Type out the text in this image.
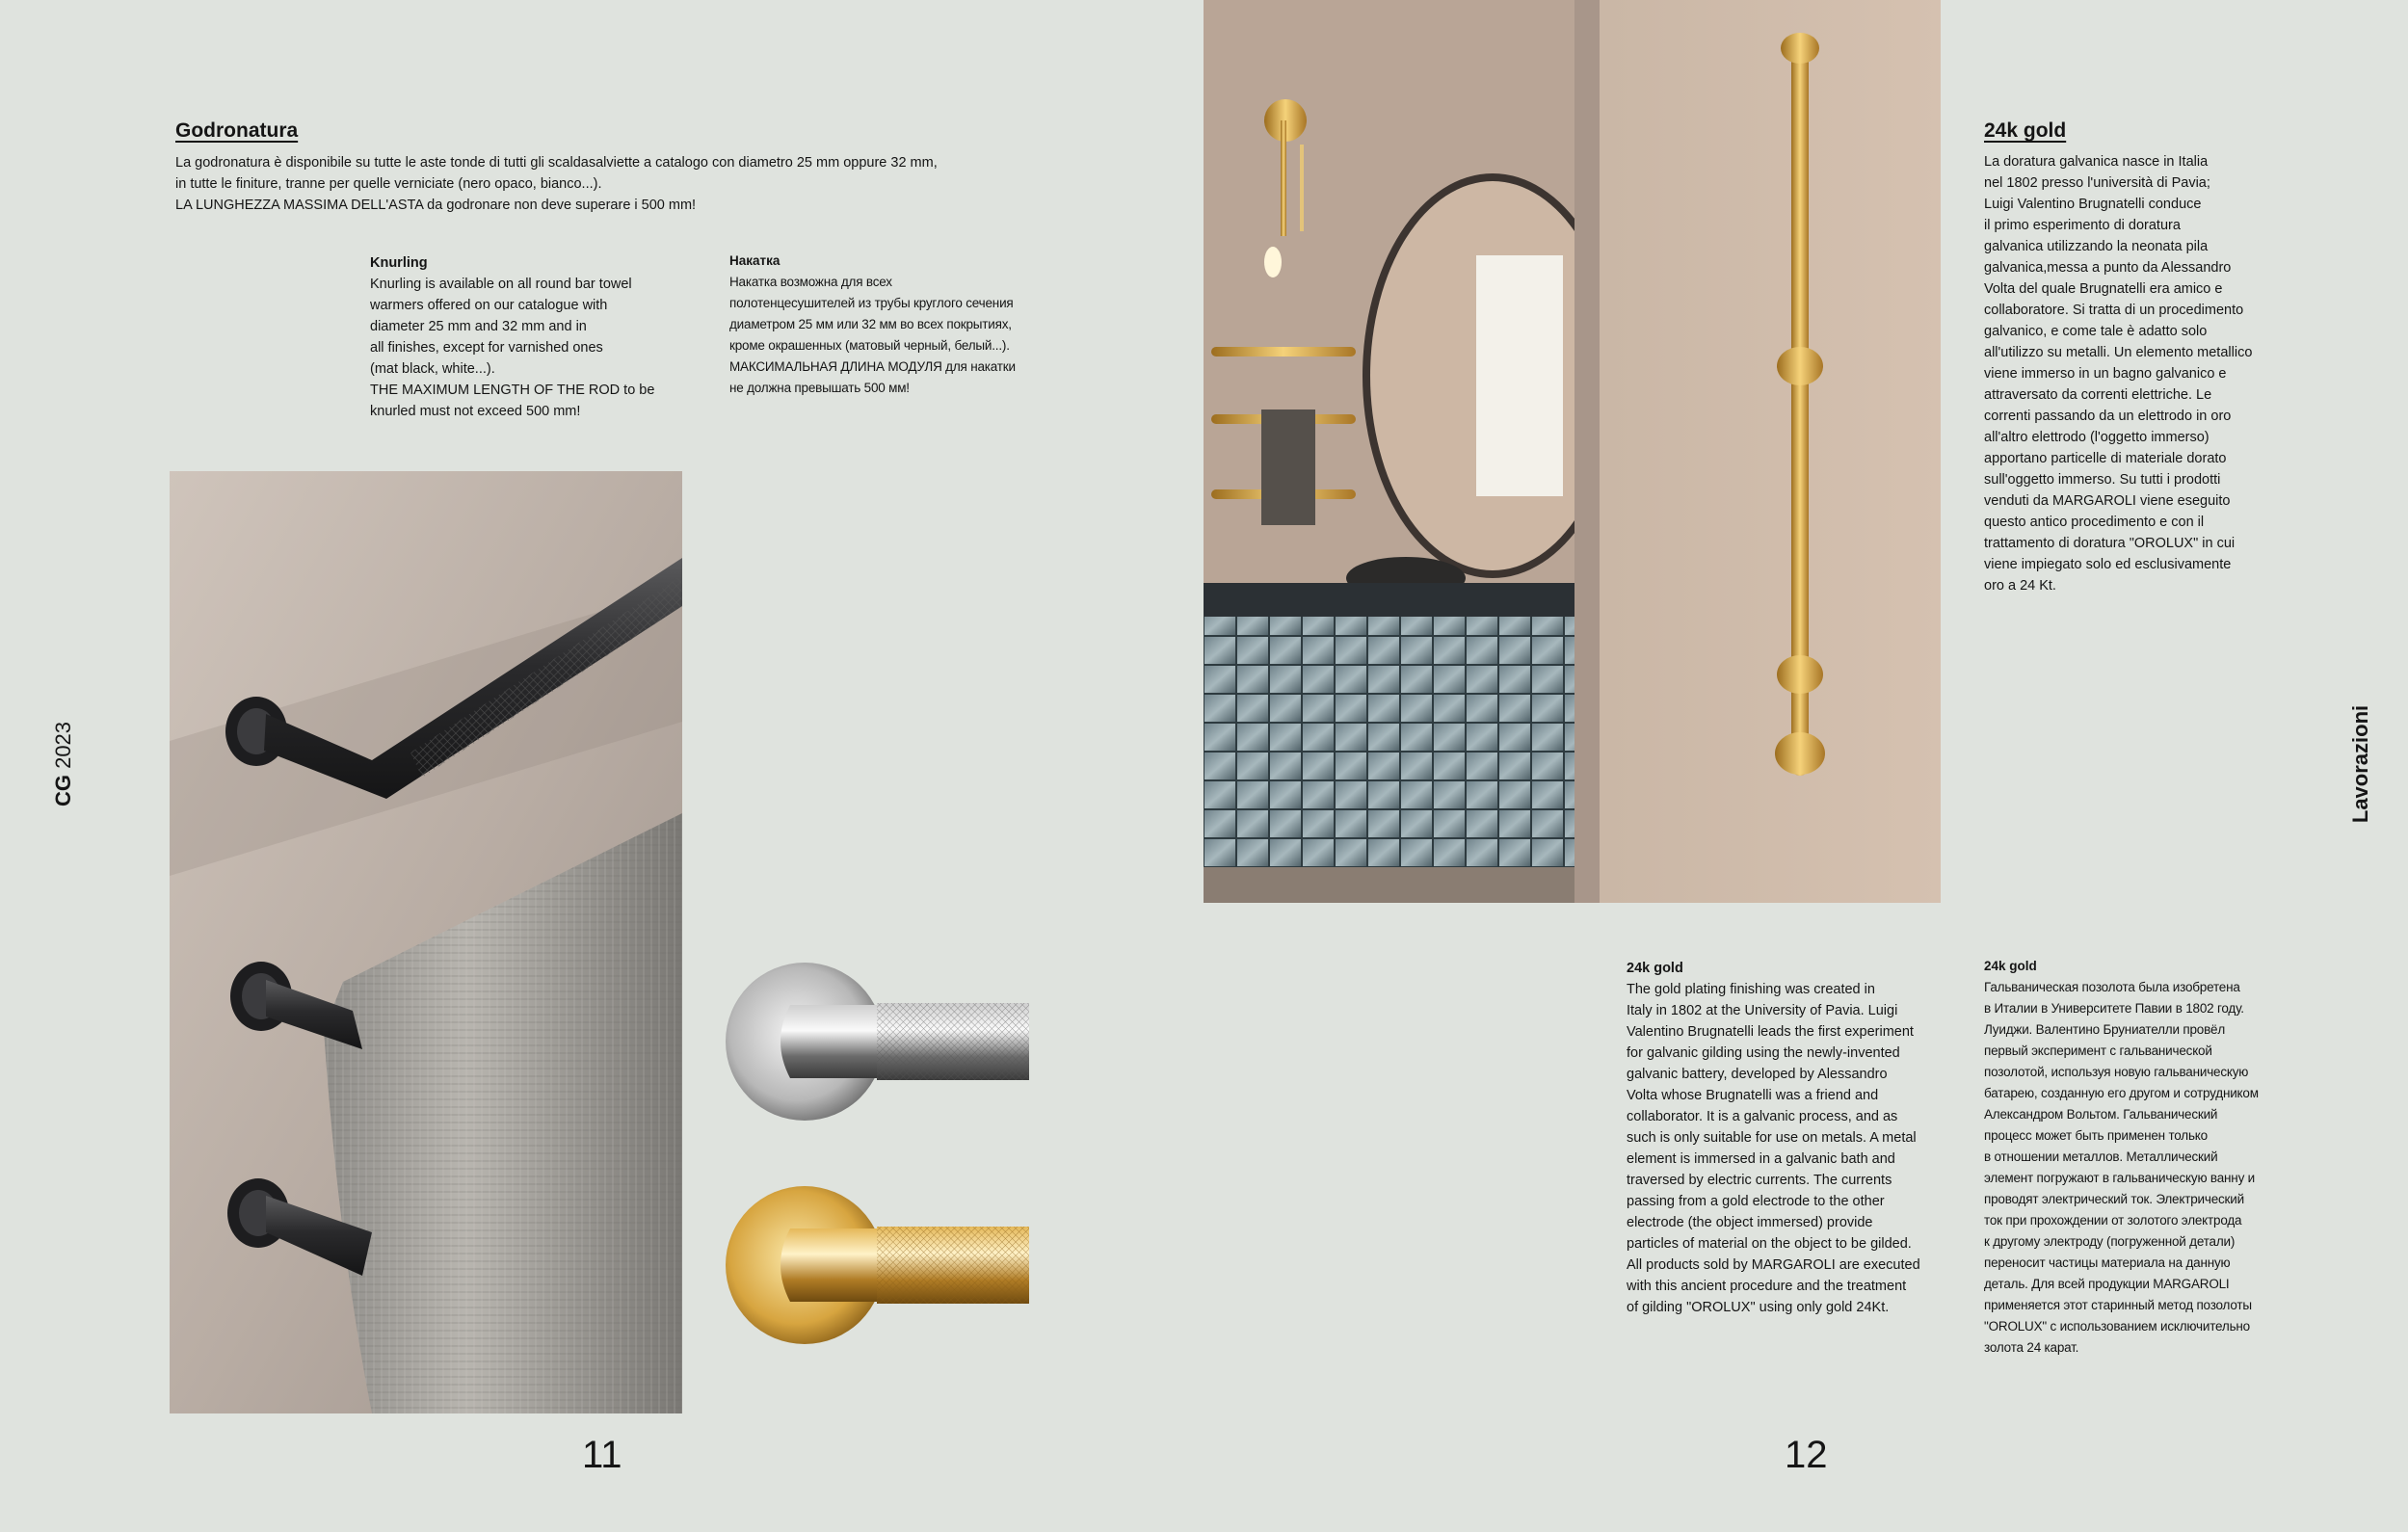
Godronatura

La godronatura è disponibile su tutte le aste tonde di tutti gli scaldasalviette a catalogo con diametro 25 mm oppure 32 mm,
in tutte le finiture, tranne per quelle verniciate (nero opaco, bianco...).
LA LUNGHEZZA MASSIMA DELL'ASTA da godronare non deve superare i 500 mm!

Knurling

Knurling is available on all round bar towel
warmers offered on our catalogue with
diameter 25 mm and 32 mm and in
all finishes, except for varnished ones
(mat black, white...).
THE MAXIMUM LENGTH OF THE ROD to be
knurled must not exceed 500 mm!

Накатка

Накатка возможна для всех
полотенцесушителей из трубы круглого сечения
диаметром 25 мм или 32 мм во всех покрытиях,
кроме окрашенных (матовый черный, белый...).
МАКСИМАЛЬНАЯ ДЛИНА МОДУЛЯ для накатки
не должна превышать 500 мм!

CG 2023
11
24k gold

La doratura galvanica nasce in Italia
nel 1802 presso l'università di Pavia;
Luigi Valentino Brugnatelli conduce
il primo esperimento di doratura
galvanica utilizzando la neonata pila
galvanica,messa a punto da Alessandro
Volta del quale Brugnatelli era amico e
collaboratore. Si tratta di un procedimento
galvanico, e come tale è adatto solo
all'utilizzo su metalli. Un elemento metallico
viene immerso in un bagno galvanico e
attraversato da correnti elettriche. Le
correnti passando da un elettrodo in oro
all'altro elettrodo (l'oggetto immerso)
apportano particelle di materiale dorato
sull'oggetto immerso. Su tutti i prodotti
venduti da MARGAROLI viene eseguito
questo antico procedimento e con il
trattamento di doratura "OROLUX" in cui
viene impiegato solo ed esclusivamente
oro a 24 Kt.

24k gold

The gold plating finishing was created in
Italy in 1802 at the University of Pavia. Luigi
Valentino Brugnatelli leads the first experiment
for galvanic gilding using the newly-invented
galvanic battery, developed by Alessandro
Volta whose Brugnatelli was a friend and
collaborator. It is a galvanic process, and as
such is only suitable for use on metals. A metal
element is immersed in a galvanic bath and
traversed by electric currents. The currents
passing from a gold electrode to the other
electrode (the object immersed) provide
particles of material on the object to be gilded.
All products sold by MARGAROLI are executed
with this ancient procedure and the treatment
of gilding "OROLUX" using only gold 24Kt.

24k gold

Гальваническая позолота была изобретена
в Италии в Университете Павии в 1802 году.
Луиджи. Валентино Бруниателли провёл
первый эксперимент с гальванической
позолотой, используя новую гальваническую
батарею, созданную его другом и сотрудником
Александром Вольтом. Гальванический
процесс может быть применен только
в отношении металлов. Металлический
элемент погружают в гальваническую ванну и
проводят электрический ток. Электрический
ток при прохождении от золотого электрода
к другому электроду (погруженной детали)
переносит частицы материала на данную
деталь. Для всей продукции MARGAROLI
применяется этот старинный метод позолоты
"OROLUX" с использованием исключительно
золота 24 карат.

Lavorazioni
12
